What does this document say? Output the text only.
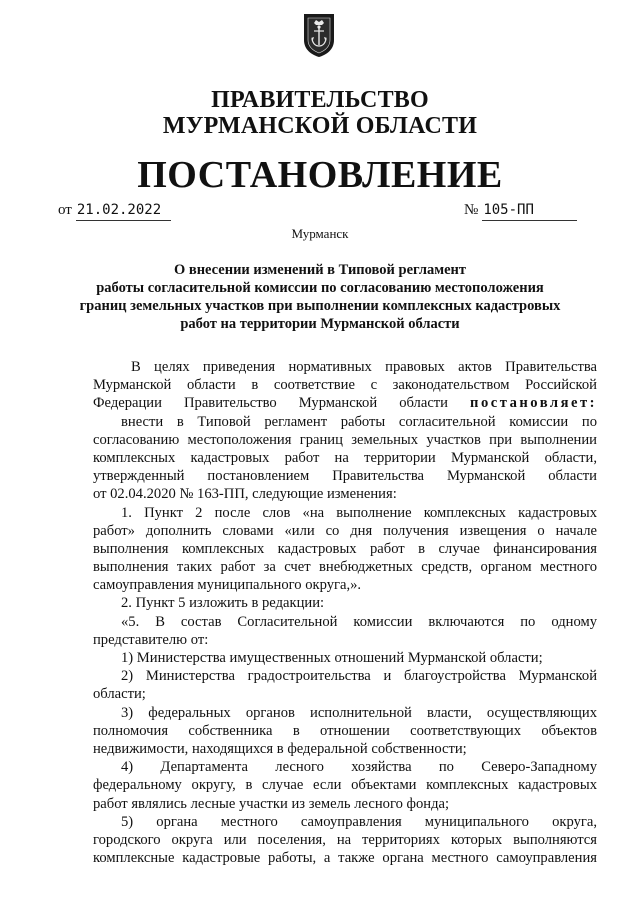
ПРАВИТЕЛЬСТВО
МУРМАНСКОЙ ОБЛАСТИ
ПОСТАНОВЛЕНИЕ
от 21.02.2022	№ 105-ПП
Мурманск
О внесении изменений в Типовой регламент
работы согласительной комиссии по согласованию местоположения
границ земельных участков при выполнении комплексных кадастровых
работ на территории Мурманской области

В целях приведения нормативных правовых актов Правительства

Мурманской области в соответствие с законодательством Российской

Федерации Правительство Мурманской области постановляет:

внести в Типовой регламент работы согласительной комиссии по

согласованию местоположения границ земельных участков при выполнении

комплексных кадастровых работ на территории Мурманской области,

утвержденный постановлением Правительства Мурманской области

от 02.04.2020 № 163-ПП, следующие изменения:

1. Пункт 2 после слов «на выполнение комплексных кадастровых

работ» дополнить словами «или со дня получения извещения о начале

выполнения комплексных кадастровых работ в случае финансирования

выполнения таких работ за счет внебюджетных средств, органом местного

самоуправления муниципального округа,».

2. Пункт 5 изложить в редакции:

«5. В состав Согласительной комиссии включаются по одному

представителю от:

1) Министерства имущественных отношений Мурманской области;

2) Министерства градостроительства и благоустройства Мурманской

области;

3) федеральных органов исполнительной власти, осуществляющих

полномочия собственника в отношении соответствующих объектов

недвижимости, находящихся в федеральной собственности;

4) Департамента лесного хозяйства по Северо-Западному

федеральному округу, в случае если объектами комплексных кадастровых

работ являлись лесные участки из земель лесного фонда;

5) органа местного самоуправления муниципального округа,

городского округа или поселения, на территориях которых выполняются

комплексные кадастровые работы, а также органа местного самоуправления
